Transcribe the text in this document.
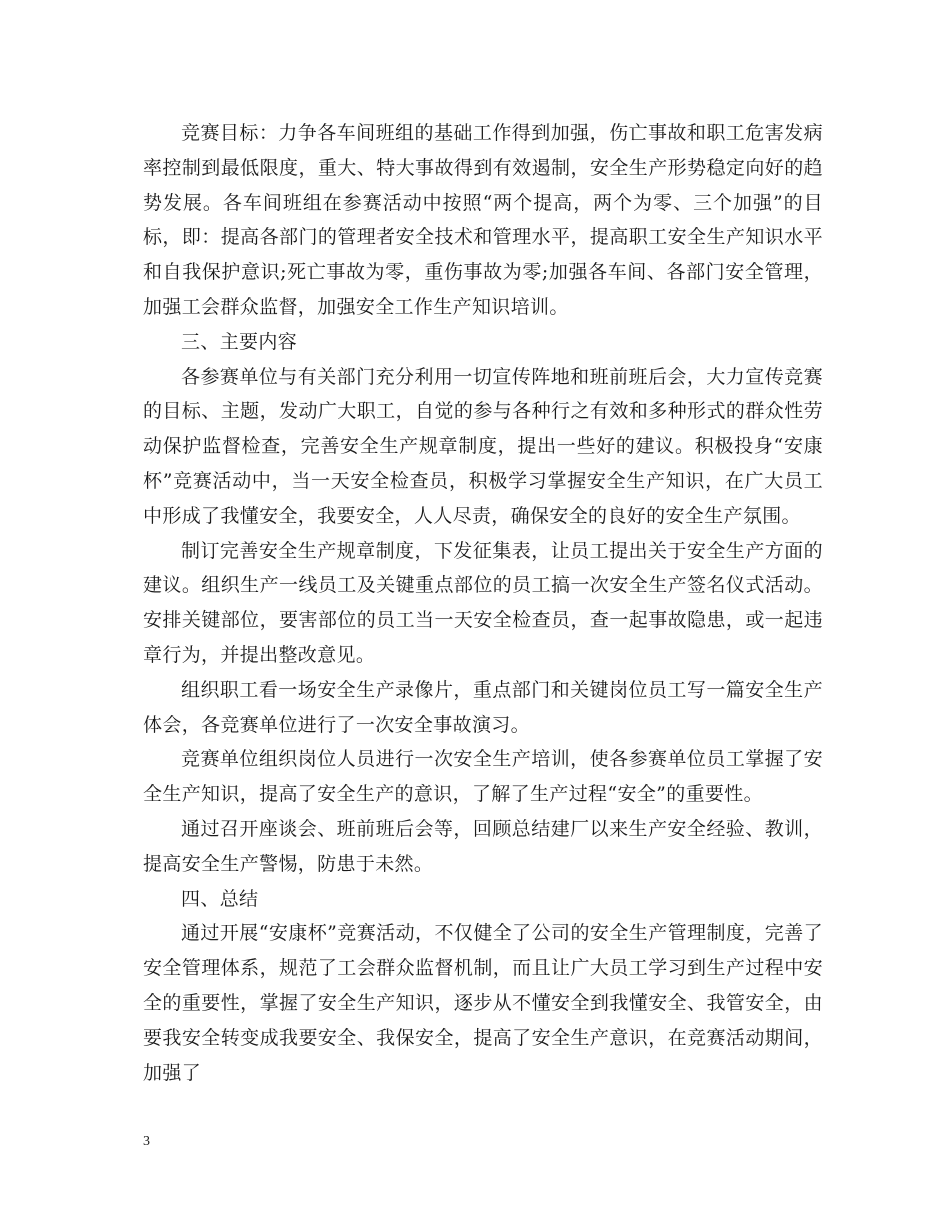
竞赛目标：力争各车间班组的基础工作得到加强，伤亡事故和职工危害发病率控制到最低限度，重大、特大事故得到有效遏制，安全生产形势稳定向好的趋势发展。各车间班组在参赛活动中按照“两个提高，两个为零、三个加强”的目标，即：提高各部门的管理者安全技术和管理水平，提高职工安全生产知识水平和自我保护意识;死亡事故为零，重伤事故为零;加强各车间、各部门安全管理，加强工会群众监督，加强安全工作生产知识培训。

三、主要内容

各参赛单位与有关部门充分利用一切宣传阵地和班前班后会，大力宣传竞赛的目标、主题，发动广大职工，自觉的参与各种行之有效和多种形式的群众性劳动保护监督检查，完善安全生产规章制度，提出一些好的建议。积极投身“安康杯”竞赛活动中，当一天安全检查员，积极学习掌握安全生产知识，在广大员工中形成了我懂安全，我要安全，人人尽责，确保安全的良好的安全生产氛围。

制订完善安全生产规章制度，下发征集表，让员工提出关于安全生产方面的建议。组织生产一线员工及关键重点部位的员工搞一次安全生产签名仪式活动。安排关键部位，要害部位的员工当一天安全检查员，查一起事故隐患，或一起违章行为，并提出整改意见。

组织职工看一场安全生产录像片，重点部门和关键岗位员工写一篇安全生产体会，各竞赛单位进行了一次安全事故演习。

竞赛单位组织岗位人员进行一次安全生产培训，使各参赛单位员工掌握了安全生产知识，提高了安全生产的意识，了解了生产过程“安全”的重要性。

通过召开座谈会、班前班后会等，回顾总结建厂以来生产安全经验、教训，提高安全生产警惕，防患于未然。

四、总结

通过开展“安康杯”竞赛活动，不仅健全了公司的安全生产管理制度，完善了安全管理体系，规范了工会群众监督机制，而且让广大员工学习到生产过程中安全的重要性，掌握了安全生产知识，逐步从不懂安全到我懂安全、我管安全，由要我安全转变成我要安全、我保安全，提高了安全生产意识，在竞赛活动期间，加强了

3
